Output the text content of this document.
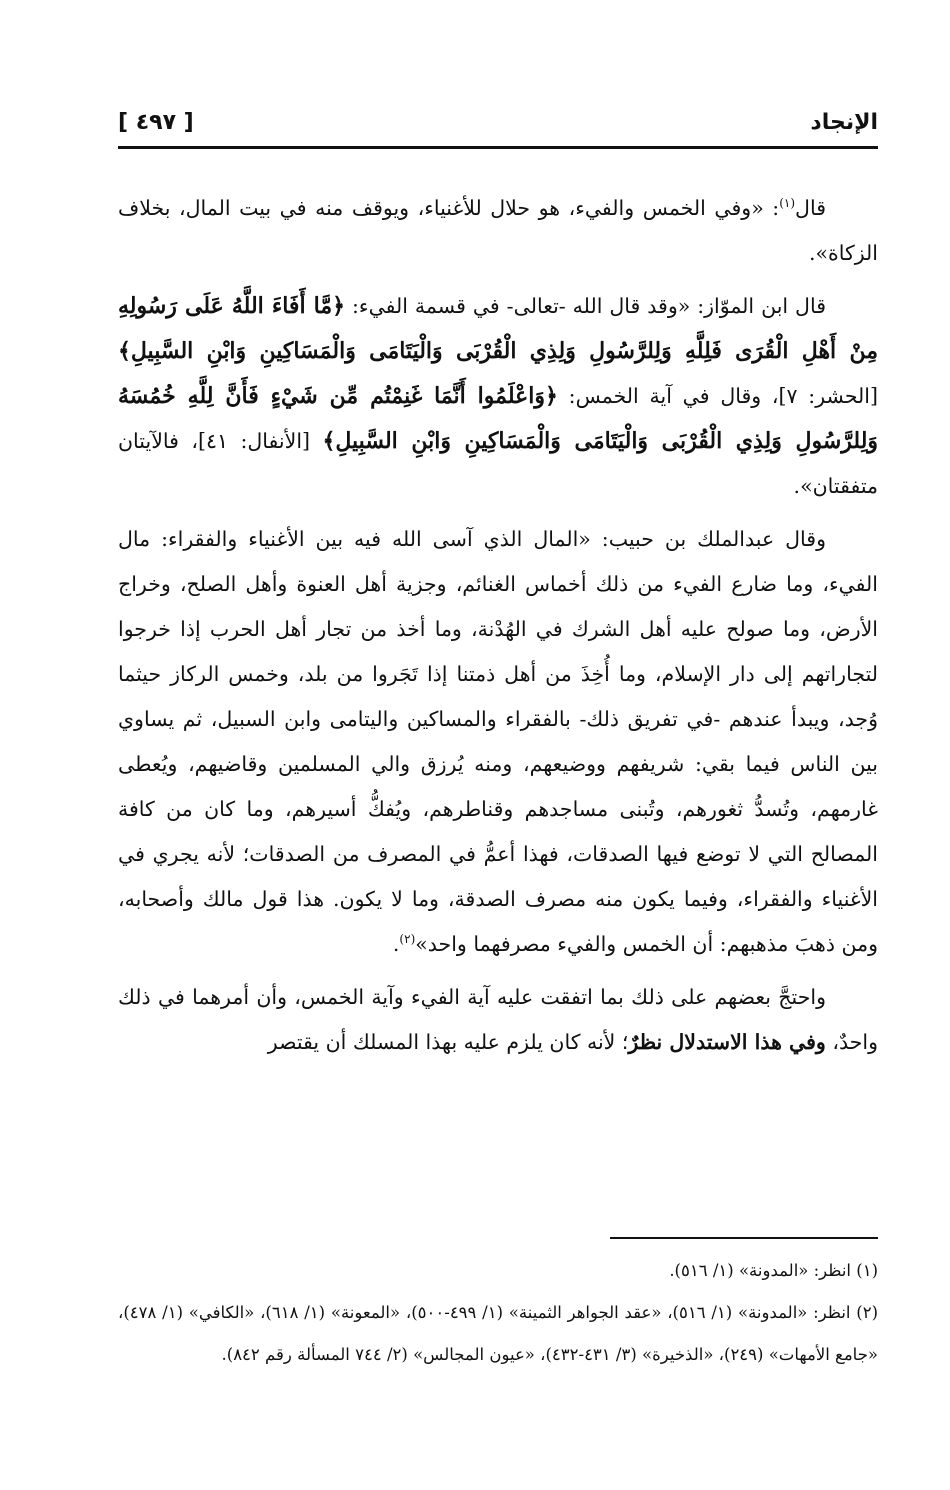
الإنجاد
[ ٤٩٧ ]

قال$^{(١)}$: «وفي الخمس والفيء، هو حلال للأغنياء، ويوقف منه في بيت المال، بخلاف الزكاة».

قال ابن الموّاز: «وقد قال الله -تعالى- في قسمة الفيء: ﴿مَّا أَفَاءَ اللَّهُ عَلَى رَسُولِهِ مِنْ أَهْلِ الْقُرَى فَلِلَّهِ وَلِلرَّسُولِ وَلِذِي الْقُرْبَى وَالْيَتَامَى وَالْمَسَاكِينِ وَابْنِ السَّبِيلِ﴾ [الحشر: ٧]، وقال في آية الخمس: ﴿وَاعْلَمُوا أَنَّمَا غَنِمْتُم مِّن شَيْءٍ فَأَنَّ لِلَّهِ خُمُسَهُ وَلِلرَّسُولِ وَلِذِي الْقُرْبَى وَالْيَتَامَى وَالْمَسَاكِينِ وَابْنِ السَّبِيلِ﴾ [الأنفال: ٤١]، فالآيتان متفقتان».

وقال عبدالملك بن حبيب: «المال الذي آسى الله فيه بين الأغنياء والفقراء: مال الفيء، وما ضارع الفيء من ذلك أخماس الغنائم، وجزية أهل العنوة وأهل الصلح، وخراج الأرض، وما صولح عليه أهل الشرك في الهُدْنة، وما أخذ من تجار أهل الحرب إذا خرجوا لتجاراتهم إلى دار الإسلام، وما أُخِذَ من أهل ذمتنا إذا تَجَروا من بلد، وخمس الركاز حيثما وُجد، ويبدأ عندهم -في تفريق ذلك- بالفقراء والمساكين واليتامى وابن السبيل، ثم يساوي بين الناس فيما بقي: شريفهم ووضيعهم، ومنه يُرزق والي المسلمين وقاضيهم، ويُعطى غارمهم، وتُسدُّ ثغورهم، وتُبنى مساجدهم وقناطرهم، ويُفكُّ أسيرهم، وما كان من كافة المصالح التي لا توضع فيها الصدقات، فهذا أعمُّ في المصرف من الصدقات؛ لأنه يجري في الأغنياء والفقراء، وفيما يكون منه مصرف الصدقة، وما لا يكون. هذا قول مالك وأصحابه، ومن ذهبَ مذهبهم: أن الخمس والفيء مصرفهما واحد»$^{(٢)}$.

واحتجَّ بعضهم على ذلك بما اتفقت عليه آية الفيء وآية الخمس، وأن أمرهما في ذلك واحدٌ، وفي هذا الاستدلال نظرٌ؛ لأنه كان يلزم عليه بهذا المسلك أن يقتصر

(١) انظر: «المدونة» (١/ ٥١٦).

(٢) انظر: «المدونة» (١/ ٥١٦)، «عقد الجواهر الثمينة» (١/ ٤٩٩-٥٠٠)، «المعونة» (١/ ٦١٨)، «الكافي» (١/ ٤٧٨)، «جامع الأمهات» (٢٤٩)، «الذخيرة» (٣/ ٤٣١-٤٣٢)، «عيون المجالس» (٢/ ٧٤٤ المسألة رقم ٨٤٢).
